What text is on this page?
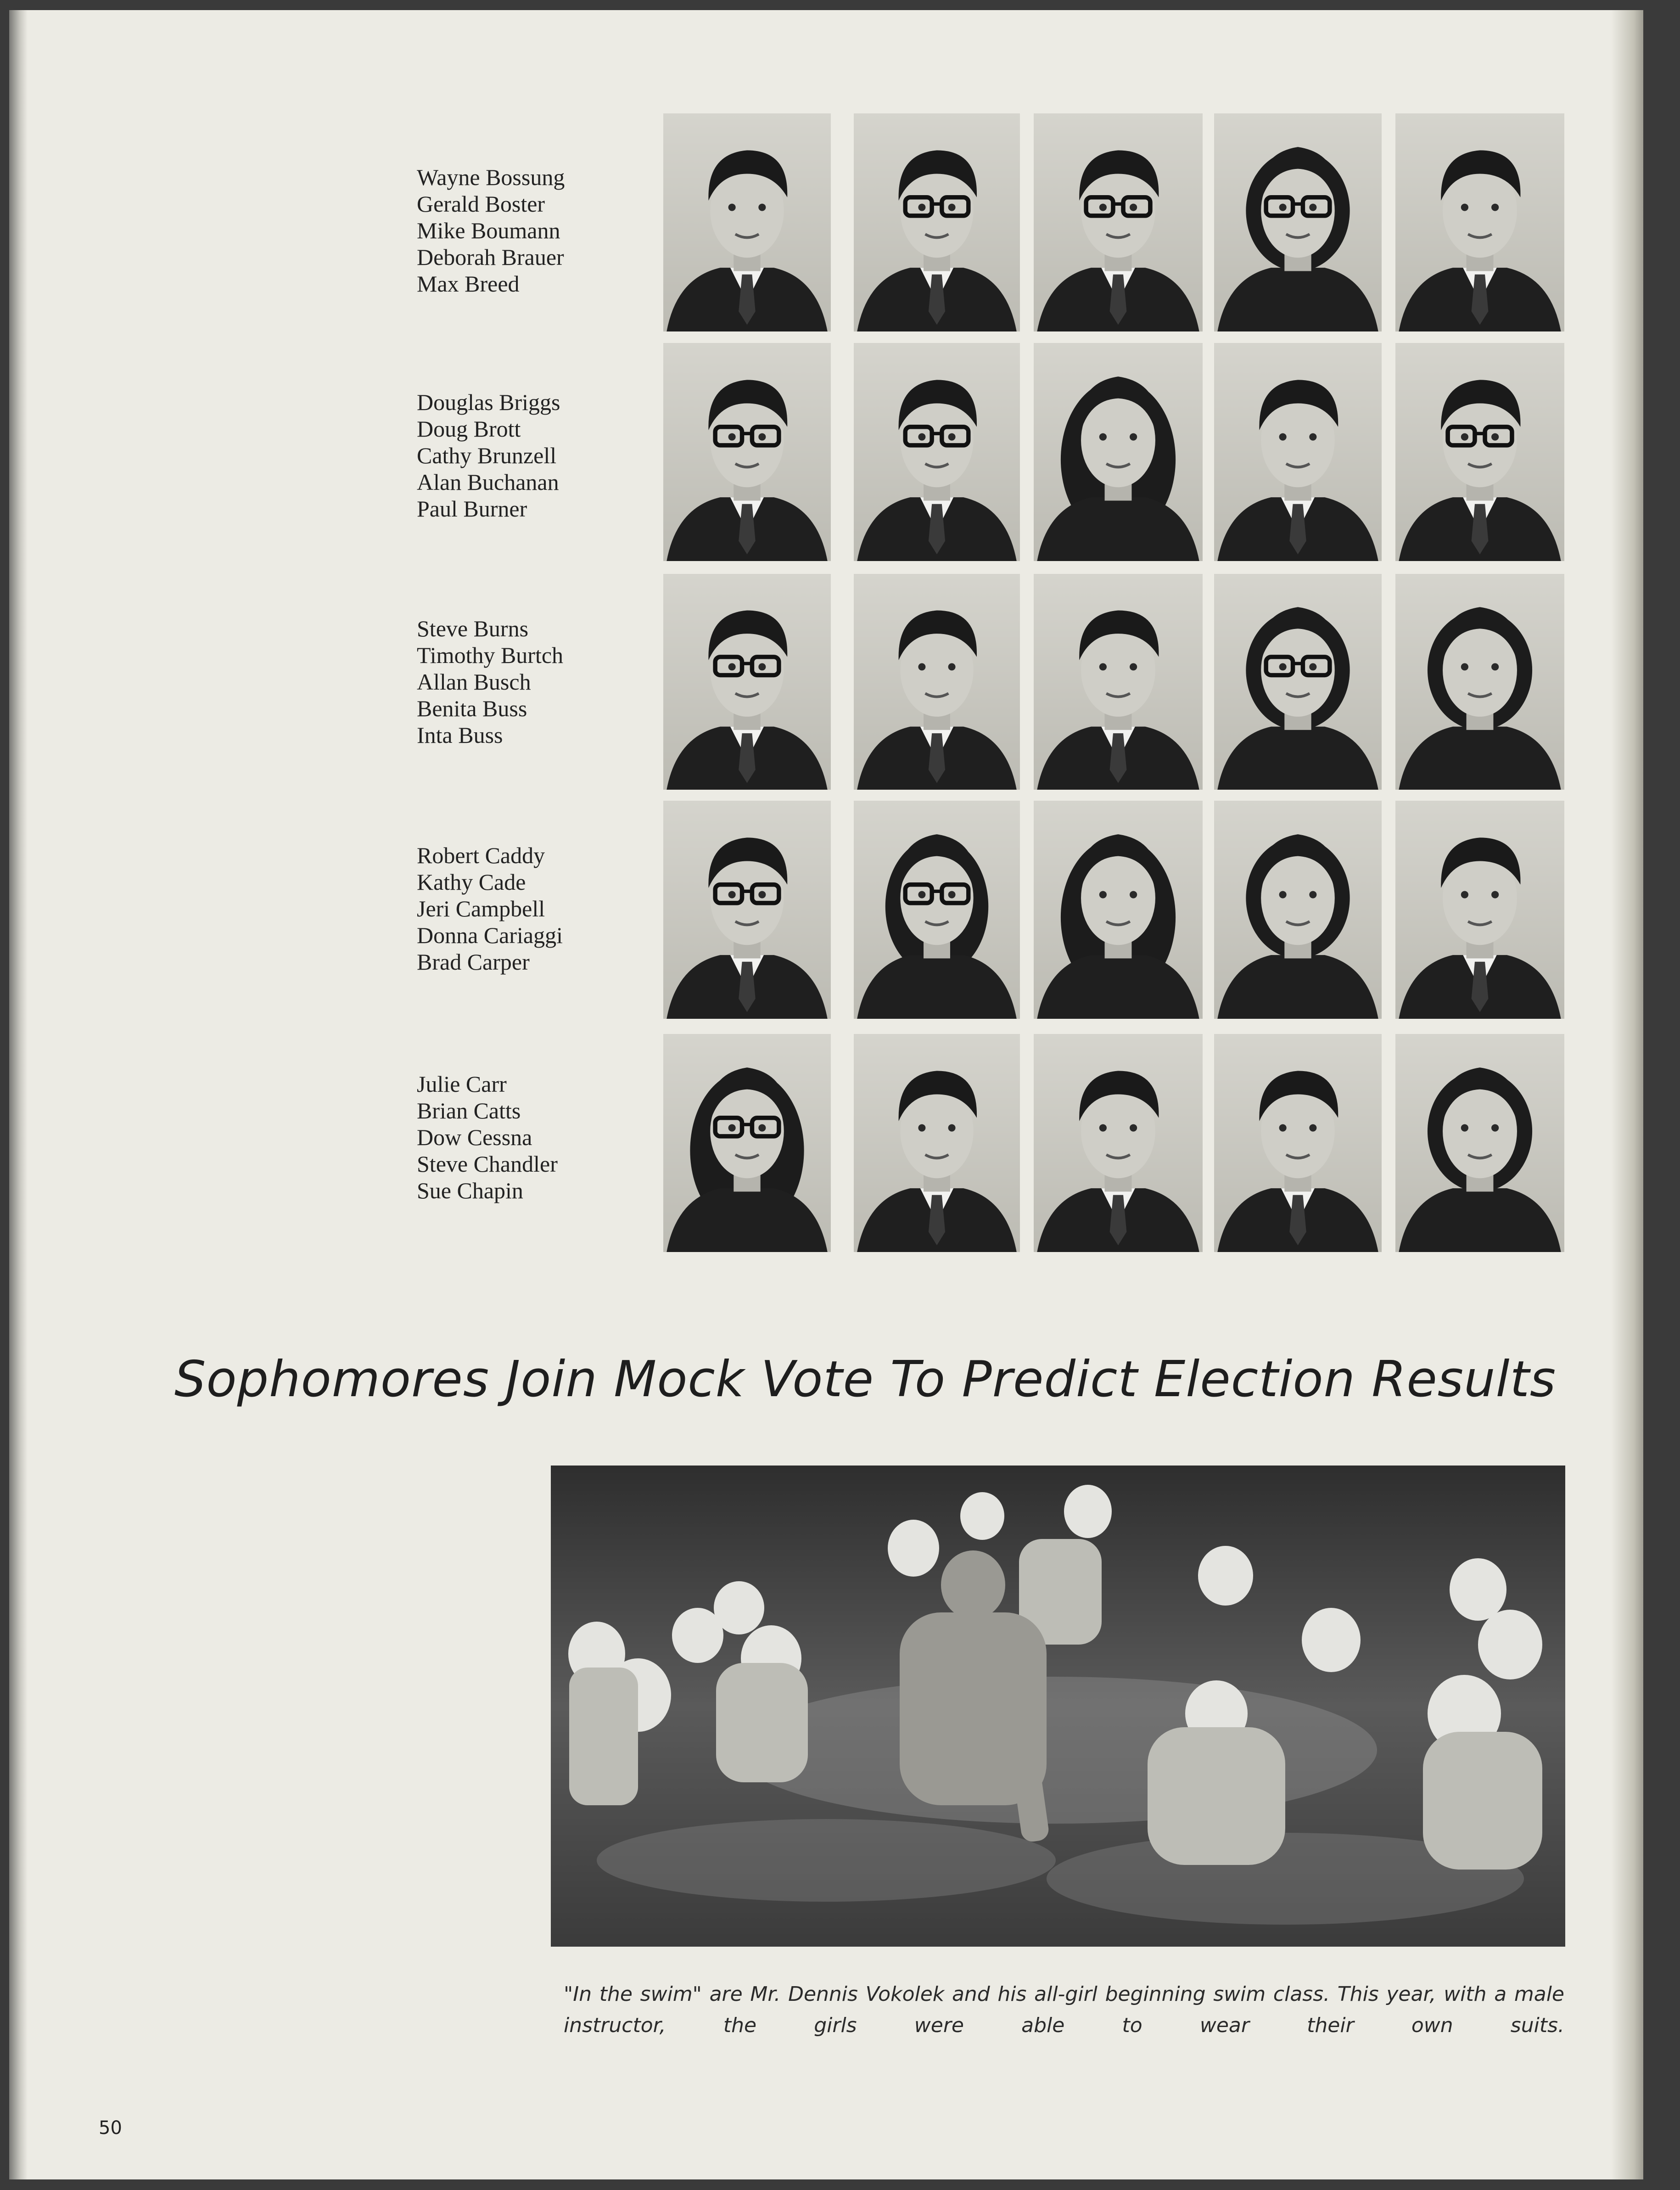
Wayne Bossung
Gerald Boster
Mike Boumann
Deborah Brauer
Max Breed
Douglas Briggs
Doug Brott
Cathy Brunzell
Alan Buchanan
Paul Burner
Steve Burns
Timothy Burtch
Allan Busch
Benita Buss
Inta Buss
Robert Caddy
Kathy Cade
Jeri Campbell
Donna Cariaggi
Brad Carper
Julie Carr
Brian Catts
Dow Cessna
Steve Chandler
Sue Chapin
Sophomores Join Mock Vote To Predict Election Results

"In the swim" are Mr. Dennis Vokolek and his all-girl beginning swim class. This year, with a male instructor, the girls were able to wear their own suits.

50
